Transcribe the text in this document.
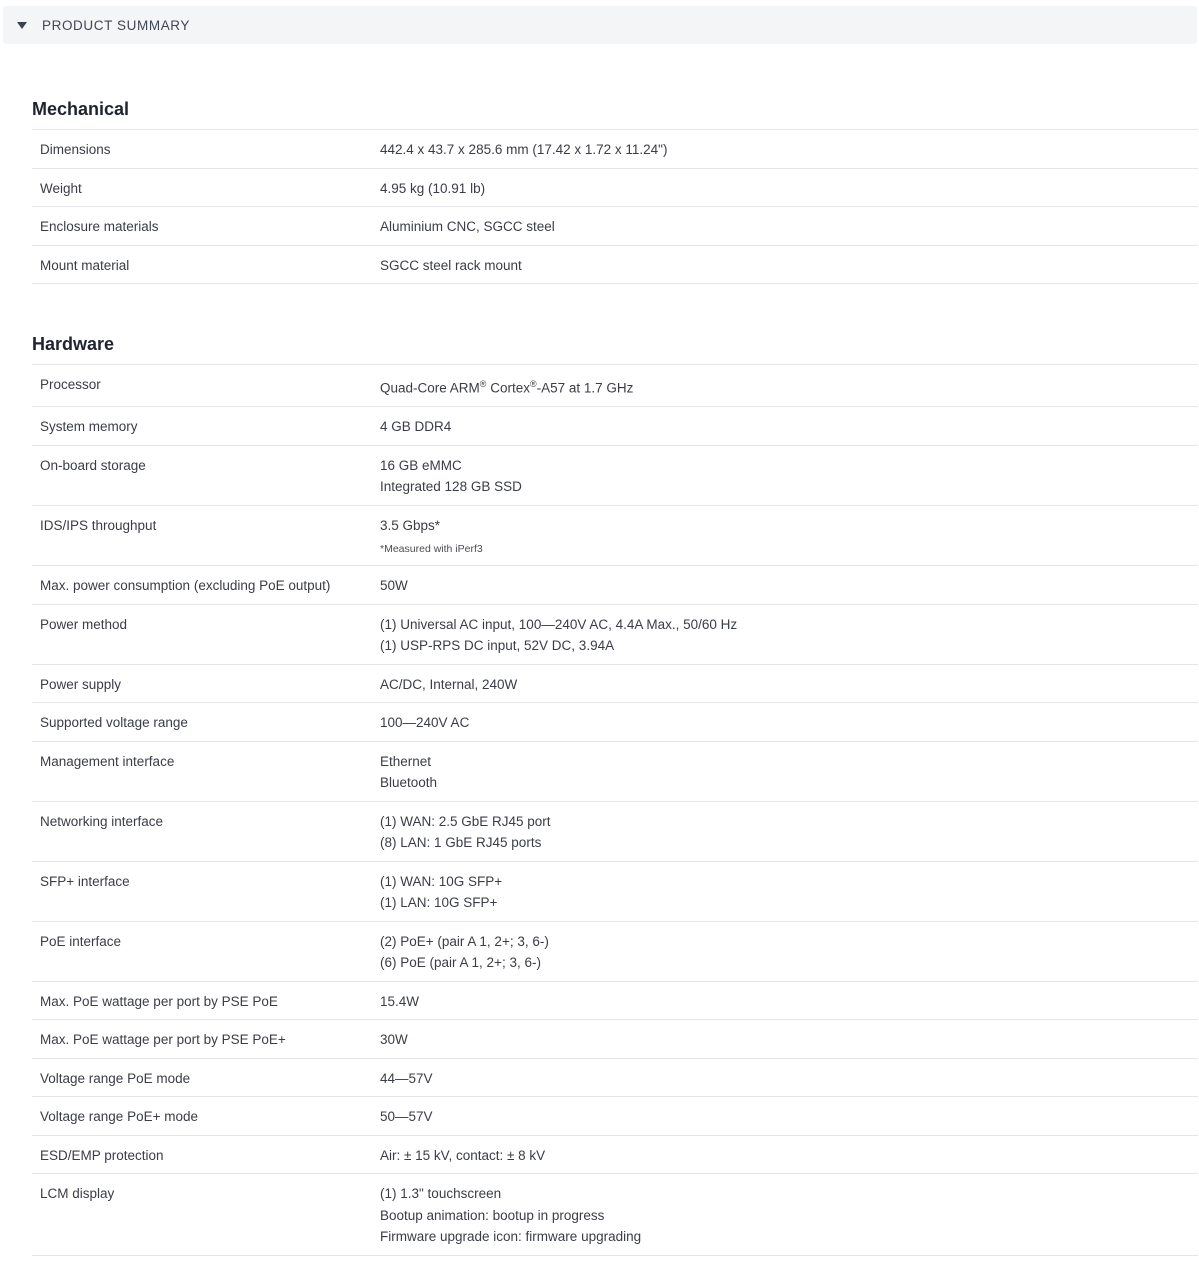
PRODUCT SUMMARY
Mechanical
Dimensions	442.4 x 43.7 x 285.6 mm (17.42 x 1.72 x 11.24")
Weight	4.95 kg (10.91 lb)
Enclosure materials	Aluminium CNC, SGCC steel
Mount material	SGCC steel rack mount
Hardware
Processor	Quad-Core ARM® Cortex®-A57 at 1.7 GHz
System memory	4 GB DDR4
On-board storage	16 GB eMMC
Integrated 128 GB SSD

IDS/IPS throughput	3.5 Gbps*
*Measured with iPerf3

Max. power consumption (excluding PoE output)	50W
Power method	(1) Universal AC input, 100—240V AC, 4.4A Max., 50/60 Hz
(1) USP-RPS DC input, 52V DC, 3.94A

Power supply	AC/DC, Internal, 240W
Supported voltage range	100—240V AC
Management interface	Ethernet
Bluetooth

Networking interface	(1) WAN: 2.5 GbE RJ45 port
(8) LAN: 1 GbE RJ45 ports

SFP+ interface	(1) WAN: 10G SFP+
(1) LAN: 10G SFP+

PoE interface	(2) PoE+ (pair A 1, 2+; 3, 6-)
(6) PoE (pair A 1, 2+; 3, 6-)

Max. PoE wattage per port by PSE PoE	15.4W
Max. PoE wattage per port by PSE PoE+	30W
Voltage range PoE mode	44—57V
Voltage range PoE+ mode	50—57V
ESD/EMP protection	Air: ± 15 kV, contact: ± 8 kV
LCM display	(1) 1.3" touchscreen
Bootup animation: bootup in progress
Firmware upgrade icon: firmware upgrading
